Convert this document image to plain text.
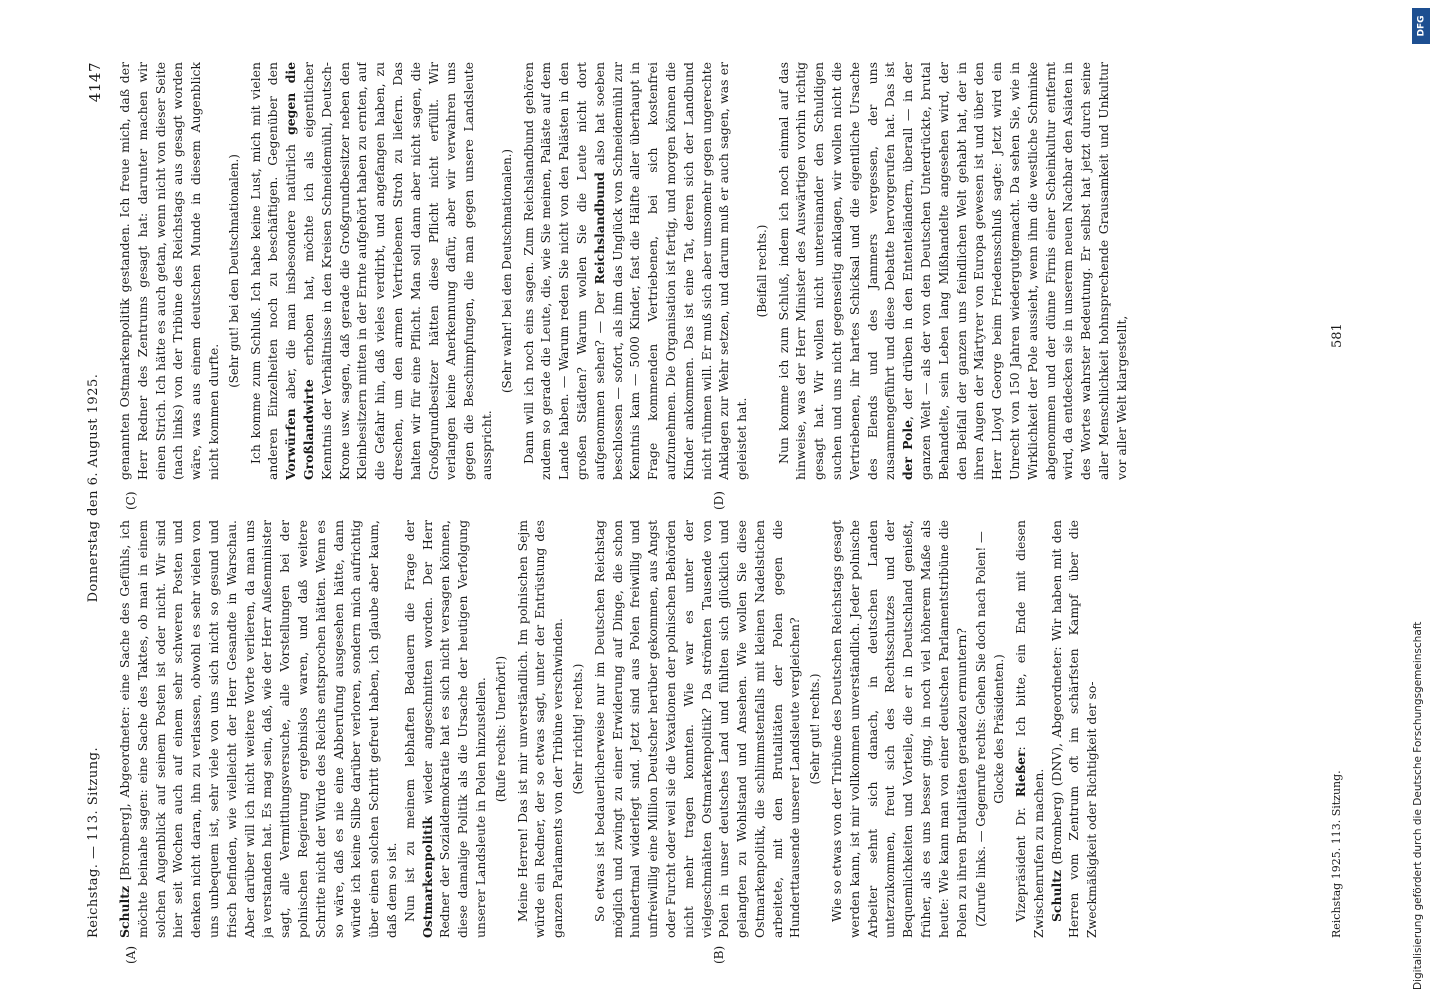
Reichstag. — 113. Sitzung.
Donnerstag den 6. August 1925.
4147
(A)	(B)
(C)	(D)

Schultz [Bromberg], Abgeordneter: eine Sache des Gefühls, ich möchte beinahe sagen: eine Sache des Taktes, ob man in einem solchen Augenblick auf seinem Posten ist oder nicht. Wir sind hier seit Wochen auch auf einem sehr schweren Posten und denken nicht daran, ihn zu verlassen, obwohl es sehr vielen von uns unbequem ist, sehr viele von uns sich nicht so gesund und frisch befinden, wie vielleicht der Herr Gesandte in Warschau. Aber darüber will ich nicht weitere Worte verlieren, da man uns ja verstanden hat. Es mag sein, daß, wie der Herr Außenminister sagt, alle Vermittlungsversuche, alle Vorstellungen bei der polnischen Regierung ergebnislos waren, und daß weitere Schritte nicht der Würde des Reichs entsprochen hätten. Wenn es so wäre, daß es nie eine Abberufung ausgesehen hätte, dann würde ich keine Silbe darüber verloren, sondern mich aufrichtig über einen solchen Schritt gefreut haben, ich glaube aber kaum, daß dem so ist. Nun ist zu meinem lebhaften Bedauern die Frage der Ostmarkenpolitik wieder angeschnitten worden. Der Herr Redner der Sozialdemokratie hat es sich nicht versagen können, diese damalige Politik als die Ursache der heutigen Verfolgung unserer Landsleute in Polen hinzustellen. (Rufe rechts: Unerhört!) Meine Herren! Das ist mir unverständlich. Im polnischen Sejm würde ein Redner, der so etwas sagt, unter der Entrüstung des ganzen Parlaments von der Tribüne verschwinden. (Sehr richtig! rechts.) So etwas ist bedauerlicherweise nur im Deutschen Reichstag möglich und zwingt zu einer Erwiderung auf Dinge, die schon hundertmal widerlegt sind. Jetzt sind aus Polen freiwillig und unfreiwillig eine Million Deutscher herüber gekommen, aus Angst oder Furcht oder weil sie die Vexationen der polnischen Behörden nicht mehr tragen konnten. Wie war es unter der vielgeschmähten Ostmarkenpolitik? Da strömten Tausende von Polen in unser deutsches Land und fühlten sich glücklich und gelangten zu Wohlstand und Ansehen. Wie wollen Sie diese Ostmarkenpolitik, die schlimmstenfalls mit kleinen Nadelstichen arbeitete, mit den Brutalitäten der Polen gegen die Hunderttausende unserer Landsleute vergleichen? (Sehr gut! rechts.) Wie so etwas von der Tribüne des Deutschen Reichstags gesagt werden kann, ist mir vollkommen unverständlich. Jeder polnische Arbeiter sehnt sich danach, in deutschen Landen unterzukommen, freut sich des Rechtsschutzes und der Bequemlichkeiten und Vorteile, die er in Deutschland genießt, früher, als es uns besser ging, in noch viel höherem Maße als heute: Wie kann man von einer deutschen Parlamentstribüne die Polen zu ihren Brutalitäten geradezu ermuntern? (Zurufe links. — Gegenrufe rechts: Gehen Sie doch nach Polen! — Glocke des Präsidenten.)

Vizepräsident Dr. Rießer: Ich bitte, ein Ende mit diesen Zwischenrufen zu machen. Schultz (Bromberg) (DNV), Abgeordneter: Wir haben mit den Herren vom Zentrum oft im schärfsten Kampf über die Zweckmäßigkeit oder Richtigkeit der so-

genannten Ostmarkenpolitik gestanden. Ich freue mich, daß der Herr Redner des Zentrums gesagt hat: darunter machen wir einen Strich. Ich hätte es auch getan, wenn nicht von dieser Seite (nach links) von der Tribüne des Reichstags aus gesagt worden wäre, was aus einem deutschen Munde in diesem Augenblick nicht kommen durfte.

(Sehr gut! bei den Deutschnationalen.) Ich komme zum Schluß. Ich habe keine Lust, mich mit vielen anderen Einzelheiten noch zu beschäftigen. Gegenüber den Vorwürfen aber, die man insbesondere natürlich gegen die Großlandwirte erhoben hat, möchte ich als eigentlicher Kenntnis der Verhältnisse in den Kreisen Schneidemühl, Deutsch-Krone usw. sagen, daß gerade die Großgrundbesitzer neben den Kleinbesitzern mitten in der Ernte aufgehört haben zu ernten, auf die Gefahr hin, daß vieles verdirbt, und angefangen haben, zu dreschen, um den armen Vertriebenen Stroh zu liefern. Das halten wir für eine Pflicht. Man soll dann aber nicht sagen, die Großgrundbesitzer hätten diese Pflicht nicht erfüllt. Wir verlangen keine Anerkennung dafür, aber wir verwahren uns gegen die Beschimpfungen, die man gegen unsere Landsleute ausspricht.

(Sehr wahr! bei den Deutschnationalen.) Dann will ich noch eins sagen. Zum Reichslandbund gehören zudem so gerade die Leute, die, wie Sie meinen, Paläste auf dem Lande haben. — Warum reden Sie nicht von den Palästen in den großen Städten? Warum wollen Sie die Leute nicht dort aufgenommen sehen? — Der Reichslandbund also hat soeben beschlossen — sofort, als ihm das Unglück von Schneidemühl zur Kenntnis kam — 5000 Kinder, fast die Hälfte aller überhaupt in Frage kommenden Vertriebenen, bei sich kostenfrei aufzunehmen. Die Organisation ist fertig, und morgen können die Kinder ankommen. Das ist eine Tat, deren sich der Landbund nicht rühmen will. Er muß sich aber umsomehr gegen ungerechte Anklagen zur Wehr setzen, und darum muß er auch sagen, was er geleistet hat.

(Beifall rechts.) Nun komme ich zum Schluß, indem ich noch einmal auf das hinweise, was der Herr Minister des Auswärtigen vorhin richtig gesagt hat. Wir wollen nicht untereinander den Schuldigen suchen und uns nicht gegenseitig anklagen, wir wollen nicht die Vertriebenen, ihr hartes Schicksal und die eigentliche Ursache des Elends und des Jammers vergessen, der uns zusammengeführt und diese Debatte hervorgerufen hat. Das ist der Pole, der drüben in den Ententeländern, überall — in der ganzen Welt — als der von den Deutschen Unterdrückte, brutal Behandelte, sein Leben lang Mißhandelte angesehen wird, der den Beifall der ganzen uns feindlichen Welt gehabt hat, der in ihren Augen der Märtyrer von Europa gewesen ist und über den Herr Lloyd George beim Friedensschluß sagte: Jetzt wird ein Unrecht von 150 Jahren wiedergutgemacht. Da sehen Sie, wie in Wirklichkeit der Pole aussieht, wenn ihm die westliche Schminke abgenommen und der dünne Firnis einer Scheinkultur entfernt wird, da entdecken sie in unserem neuen Nachbar den Asiaten in des Wortes wahrster Bedeutung. Er selbst hat jetzt durch seine aller Menschlichkeit hohnsprechende Grausamkeit und Unkultur vor aller Welt klargestellt,

Reichstag 1925. 113. Sitzung.
581
DFG
Digitalisierung gefördert durch die Deutsche Forschungsgemeinschaft
